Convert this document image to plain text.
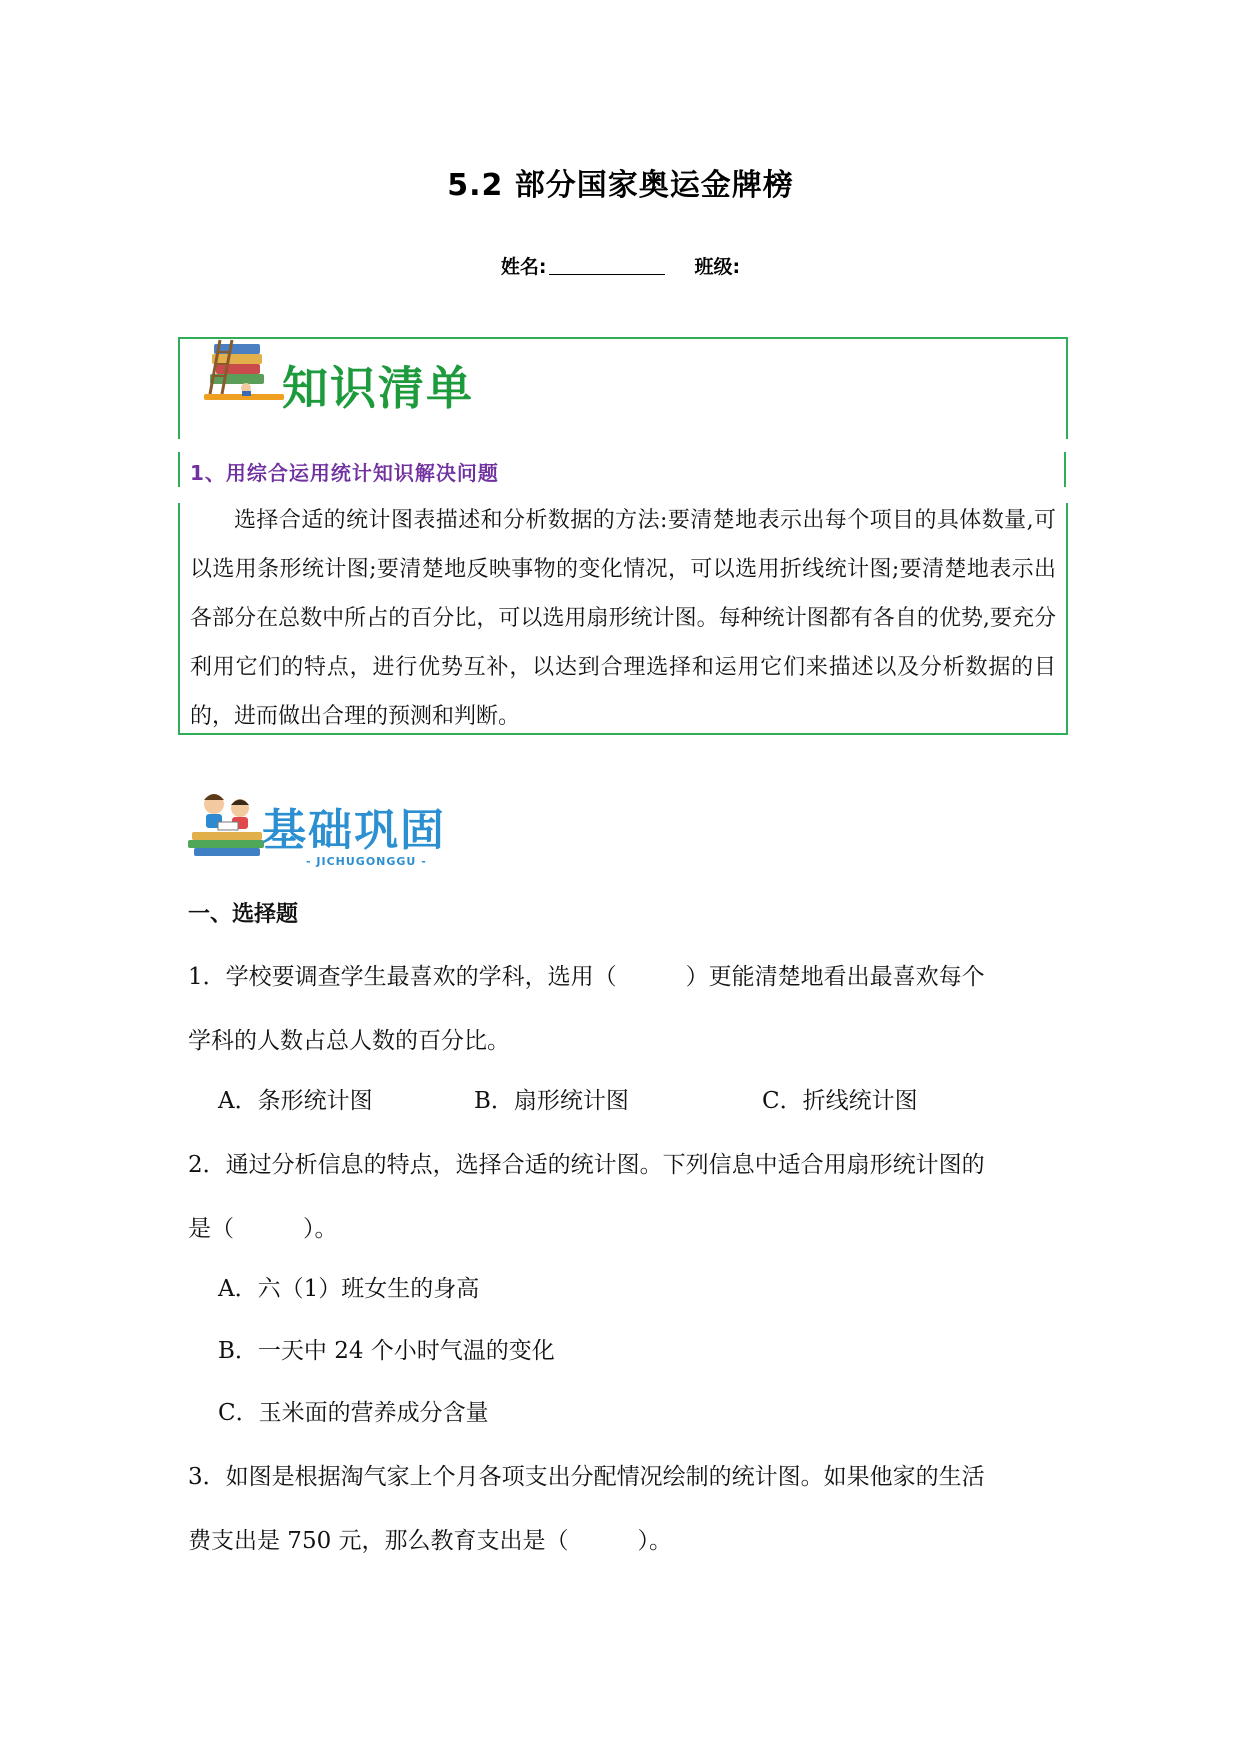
5.2 部分国家奥运金牌榜
姓名:	班级:
知识清单
1、用综合运用统计知识解决问题
选择合适的统计图表描述和分析数据的方法:要清楚地表示出每个项目的具体数量,可以选用条形统计图;要清楚地反映事物的变化情况，可以选用折线统计图;要清楚地表示出各部分在总数中所占的百分比，可以选用扇形统计图。每种统计图都有各自的优势,要充分利用它们的特点，进行优势互补，以达到合理选择和运用它们来描述以及分析数据的目的，进而做出合理的预测和判断。
基础巩固
- JICHUGONGGU -
一、选择题
1．学校要调查学生最喜欢的学科，选用（　　　）更能清楚地看出最喜欢每个
学科的人数占总人数的百分比。
A．条形统计图	B．扇形统计图	C．折线统计图
2．通过分析信息的特点，选择合适的统计图。下列信息中适合用扇形统计图的
是（　　　）。
A．六（1）班女生的身高
B．一天中 24 个小时气温的变化
C．玉米面的营养成分含量
3．如图是根据淘气家上个月各项支出分配情况绘制的统计图。如果他家的生活
费支出是 750 元，那么教育支出是（　　　）。
